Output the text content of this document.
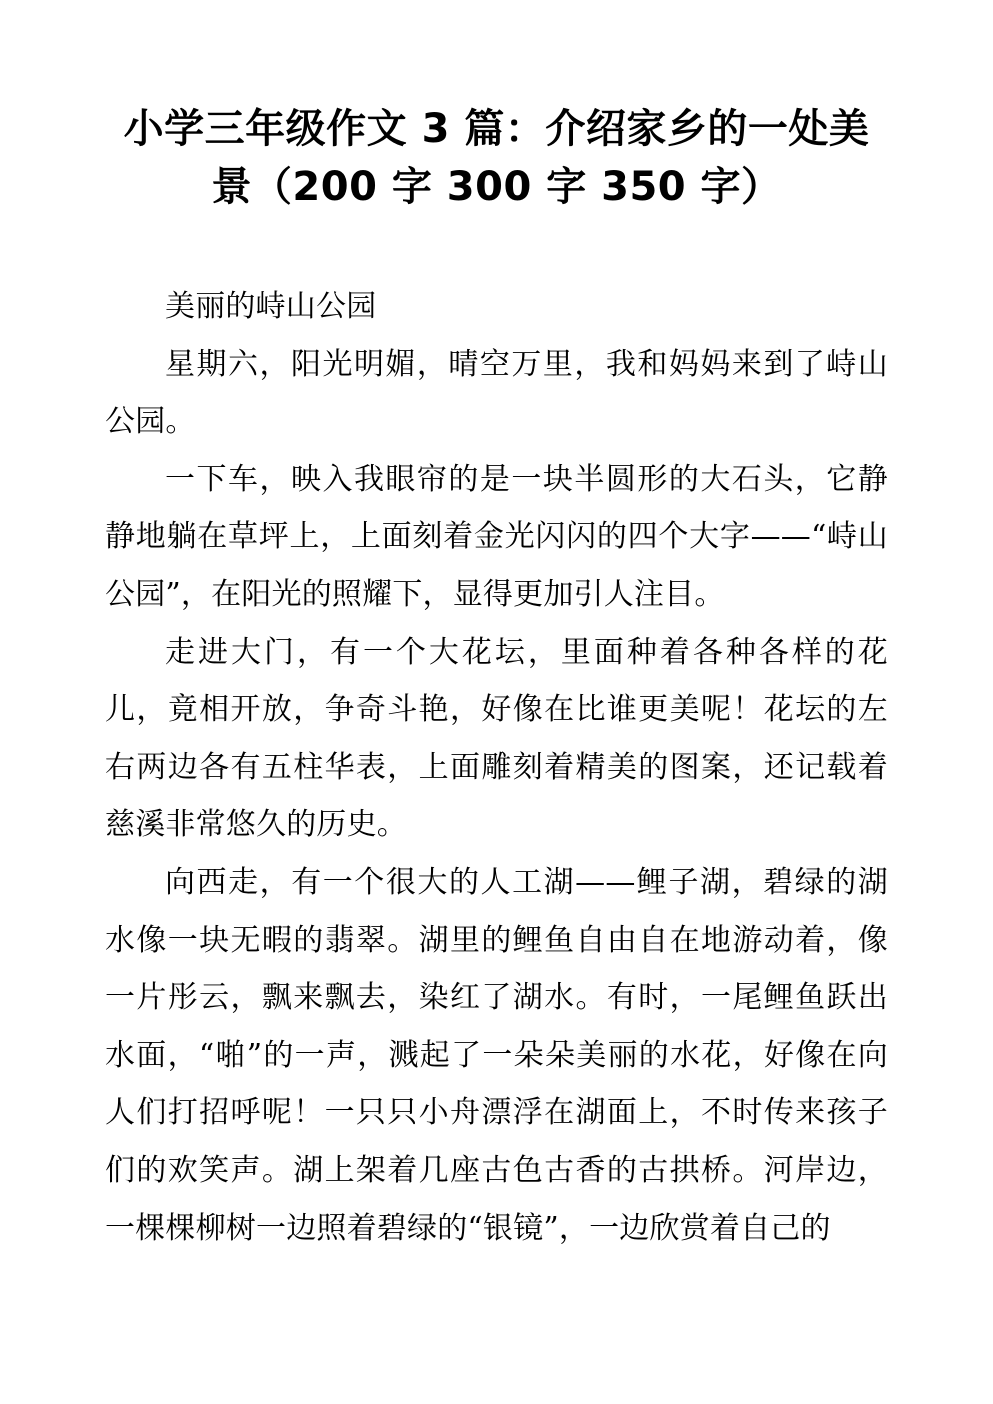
小学三年级作文 3 篇：介绍家乡的一处美景（200 字 300 字 350 字）

美丽的峙山公园

星期六，阳光明媚，晴空万里，我和妈妈来到了峙山公园。

一下车，映入我眼帘的是一块半圆形的大石头，它静静地躺在草坪上，上面刻着金光闪闪的四个大字——“峙山公园”，在阳光的照耀下，显得更加引人注目。

走进大门，有一个大花坛，里面种着各种各样的花儿，竟相开放，争奇斗艳，好像在比谁更美呢！花坛的左右两边各有五柱华表，上面雕刻着精美的图案，还记载着慈溪非常悠久的历史。

向西走，有一个很大的人工湖——鲤子湖，碧绿的湖水像一块无暇的翡翠。湖里的鲤鱼自由自在地游动着，像一片彤云，飘来飘去，染红了湖水。有时，一尾鲤鱼跃出水面，“啪”的一声，溅起了一朵朵美丽的水花，好像在向人们打招呼呢！一只只小舟漂浮在湖面上，不时传来孩子们的欢笑声。湖上架着几座古色古香的古拱桥。河岸边，一棵棵柳树一边照着碧绿的“银镜”，一边欣赏着自己的
